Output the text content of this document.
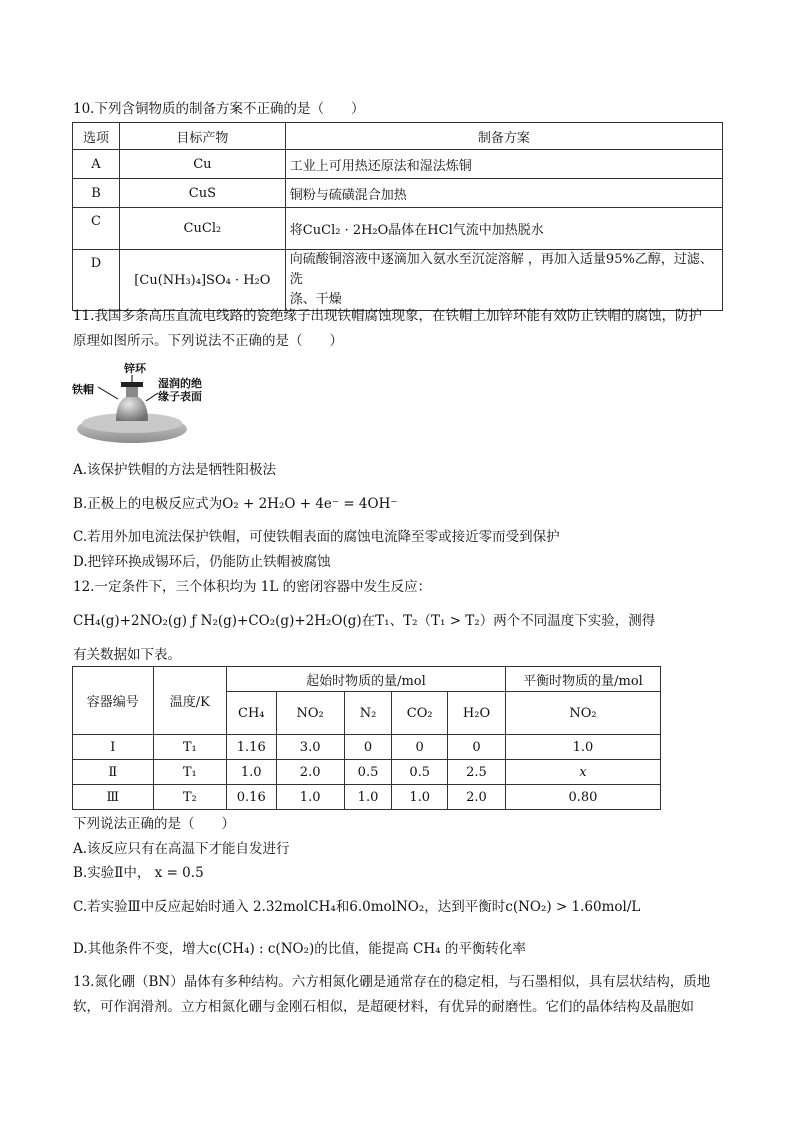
10.下列含铜物质的制备方案不正确的是（　　）
选项	目标产物	制备方案
A	Cu	工业上可用热还原法和湿法炼铜
B	CuS	铜粉与硫磺混合加热
C	CuCl₂	将CuCl₂ · 2H₂O晶体在HCl气流中加热脱水
D	[Cu(NH₃)₄]SO₄ · H₂O	向硫酸铜溶液中逐滴加入氨水至沉淀溶解 ，再加入适量95%乙醇，过滤、洗
涤、干燥
11.我国多条高压直流电线路的瓷绝缘子出现铁帽腐蚀现象，在铁帽上加锌环能有效防止铁帽的腐蚀，防护
原理如图所示。下列说法不正确的是（　　）
锌环
铁帽	湿润的绝
缘子表面
A.该保护铁帽的方法是牺牲阳极法
B.正极上的电极反应式为O₂ + 2H₂O + 4e⁻ = 4OH⁻
C.若用外加电流法保护铁帽，可使铁帽表面的腐蚀电流降至零或接近零而受到保护
D.把锌环换成锡环后，仍能防止铁帽被腐蚀
12.一定条件下，三个体积均为 1L 的密闭容器中发生反应：
CH₄(g)+2NO₂(g) ƒ N₂(g)+CO₂(g)+2H₂O(g)在T₁、T₂（T₁ > T₂）两个不同温度下实验，测得
有关数据如下表。
容器编号	温度/K	起始时物质的量/mol					平衡时物质的量/mol
		CH₄	NO₂	N₂	CO₂	H₂O	NO₂
Ⅰ	T₁	1.16	3.0	0	0	0	1.0
Ⅱ	T₁	1.0	2.0	0.5	0.5	2.5	x
Ⅲ	T₂	0.16	1.0	1.0	1.0	2.0	0.80
下列说法正确的是（　　）
A.该反应只有在高温下才能自发进行
B.实验Ⅱ中， x = 0.5
C.若实验Ⅲ中反应起始时通入 2.32molCH₄和6.0molNO₂，达到平衡时c(NO₂) > 1.60mol/L
D.其他条件不变，增大c(CH₄) : c(NO₂)的比值，能提高 CH₄ 的平衡转化率
13.氮化硼（BN）晶体有多种结构。六方相氮化硼是通常存在的稳定相，与石墨相似，具有层状结构，质地
软，可作润滑剂。立方相氮化硼与金刚石相似，是超硬材料，有优异的耐磨性。它们的晶体结构及晶胞如
